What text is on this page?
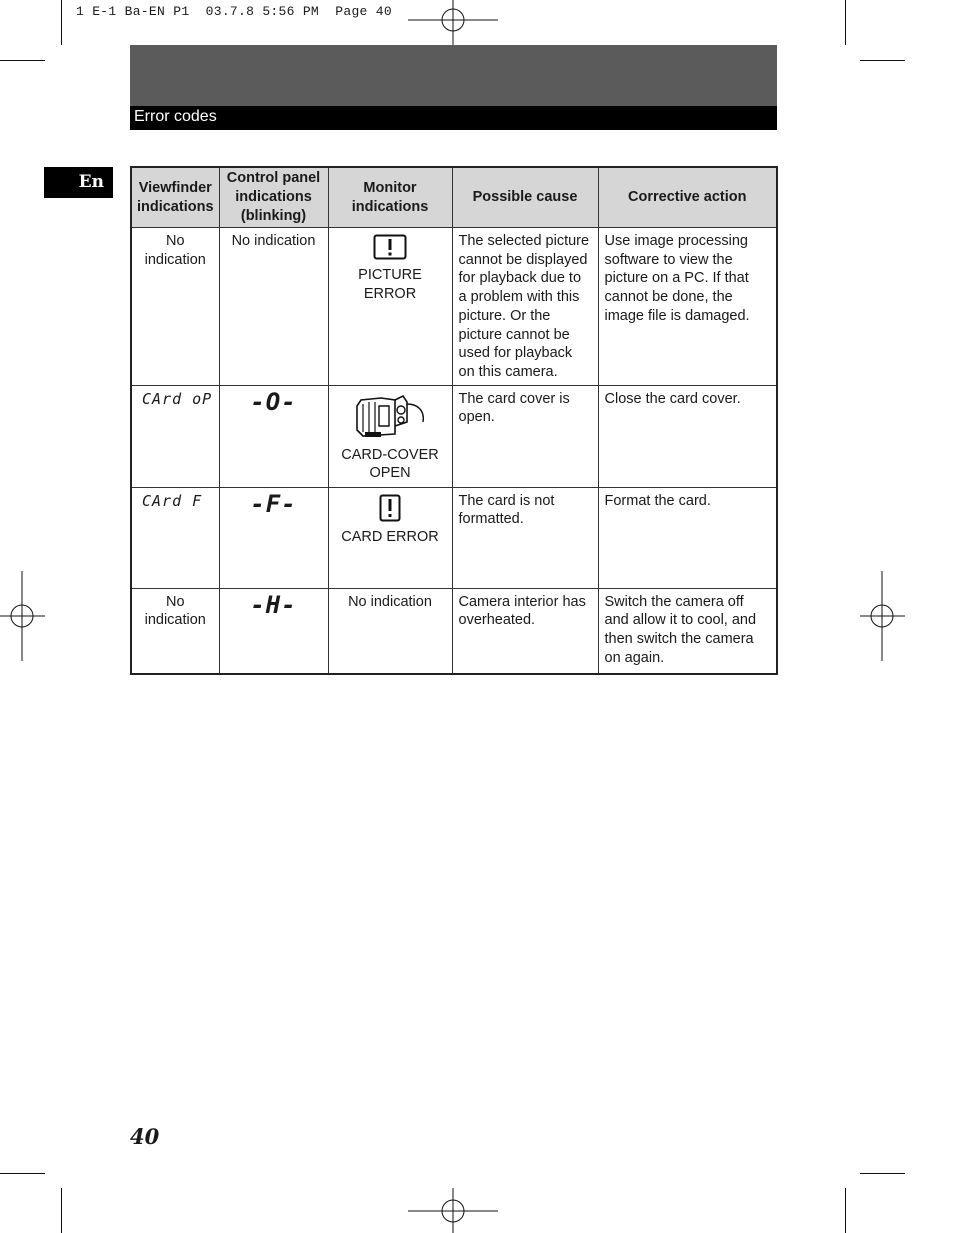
1 E-1 Ba-EN P1  03.7.8 5:56 PM  Page 40
Error codes
En	Viewfinder indications	Control panel indications (blinking)	Monitor indications	Possible cause	Corrective action
No indication	No indication	PICTURE ERROR	The selected picture cannot be displayed for playback due to a problem with this picture. Or the picture cannot be used for playback on this camera.	Use image processing software to view the picture on a PC. If that cannot be done, the image file is damaged.

CArd oP	-O-	CARD-COVER OPEN	The card cover is open.	Close the card cover.

CArd F	-F-	CARD ERROR	The card is not formatted.	Format the card.
No indication	-H-	No indication	Camera interior has overheated.	Switch the camera off and allow it to cool, and then switch the camera on again.
40
